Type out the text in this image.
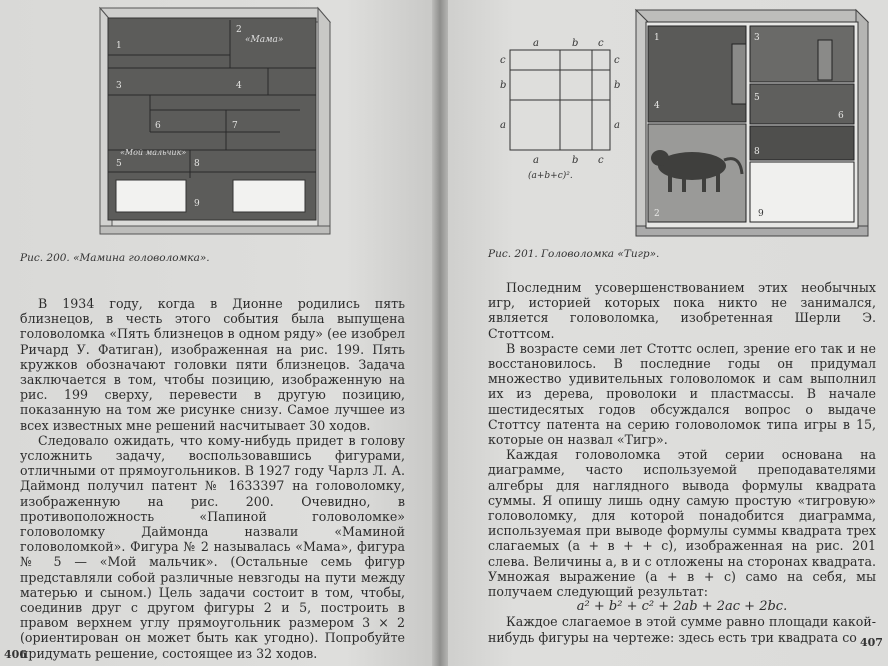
«Мама»
«Мой мальчик»
1
2
3	4
5
6	7
8
9
Рис. 200. «Мамина головоломка».

В 1934 году, когда в Дионне родились пять близнецов, в честь этого события была выпущена головоломка «Пять близнецов в одном ряду» (ее изобрел Ричард У. Фатиган), изображенная на рис. 199. Пять кружков обозначают головки пяти близнецов. Задача заключается в том, чтобы позицию, изображенную на рис. 199 сверху, перевести в другую позицию, показанную на том же рисунке снизу. Самое лучшее из всех известных мне решений насчитывает 30 ходов.

Следовало ожидать, что кому-нибудь придет в голову усложнить задачу, воспользовавшись фигурами, отличными от прямоугольников. В 1927 году Чарлз Л. А. Даймонд получил патент № 1633397 на головоломку, изображенную на рис. 200. Очевидно, в противоположность «Папиной головоломке» головоломку Даймонда назвали «Маминой головоломкой». Фигура № 2 называлась «Мама», фигура № 5 — «Мой мальчик». (Остальные семь фигур представляли собой различные невзгоды на пути между матерью и сыном.) Цель задачи состоит в том, чтобы, соединив друг с другом фигуры 2 и 5, построить в правом верхнем углу прямоугольник размером 3 × 2 (ориентирован он может быть как угодно). Попробуйте придумать решение, состоящее из 32 ходов.

406
a	b c
c
b
a
c
b
a
a	b c
(a+b+c)².
1
2
3
4
5
6
8
9
Рис. 201. Головоломка «Тигр».

Последним усовершенствованием этих необычных игр, историей которых пока никто не занимался, является головоломка, изобретенная Шерли Э. Стоттсом.

В возрасте семи лет Стоттс ослеп, зрение его так и не восстановилось. В последние годы он придумал множество удивительных головоломок и сам выполнил их из дерева, проволоки и пластмассы. В начале шестидесятых годов обсуждался вопрос о выдаче Стоттсу патента на серию головоломок типа игры в 15, которые он назвал «Тигр».

Каждая головоломка этой серии основана на диаграмме, часто используемой преподавателями алгебры для наглядного вывода формулы квадрата суммы. Я опишу лишь одну самую простую «тигровую» головоломку, для которой понадобится диаграмма, используемая при выводе формулы суммы квадрата трех слагаемых (a + в + + с), изображенная на рис. 201 слева. Величины a, в и с отложены на сторонах квадрата. Умножая выражение (a + в + с) само на себя, мы получаем следующий результат:

a² + b² + c² + 2ab + 2ac + 2bc.

Каждое слагаемое в этой сумме равно площади какой-нибудь фигуры на чертеже: здесь есть три квадрата со 407
